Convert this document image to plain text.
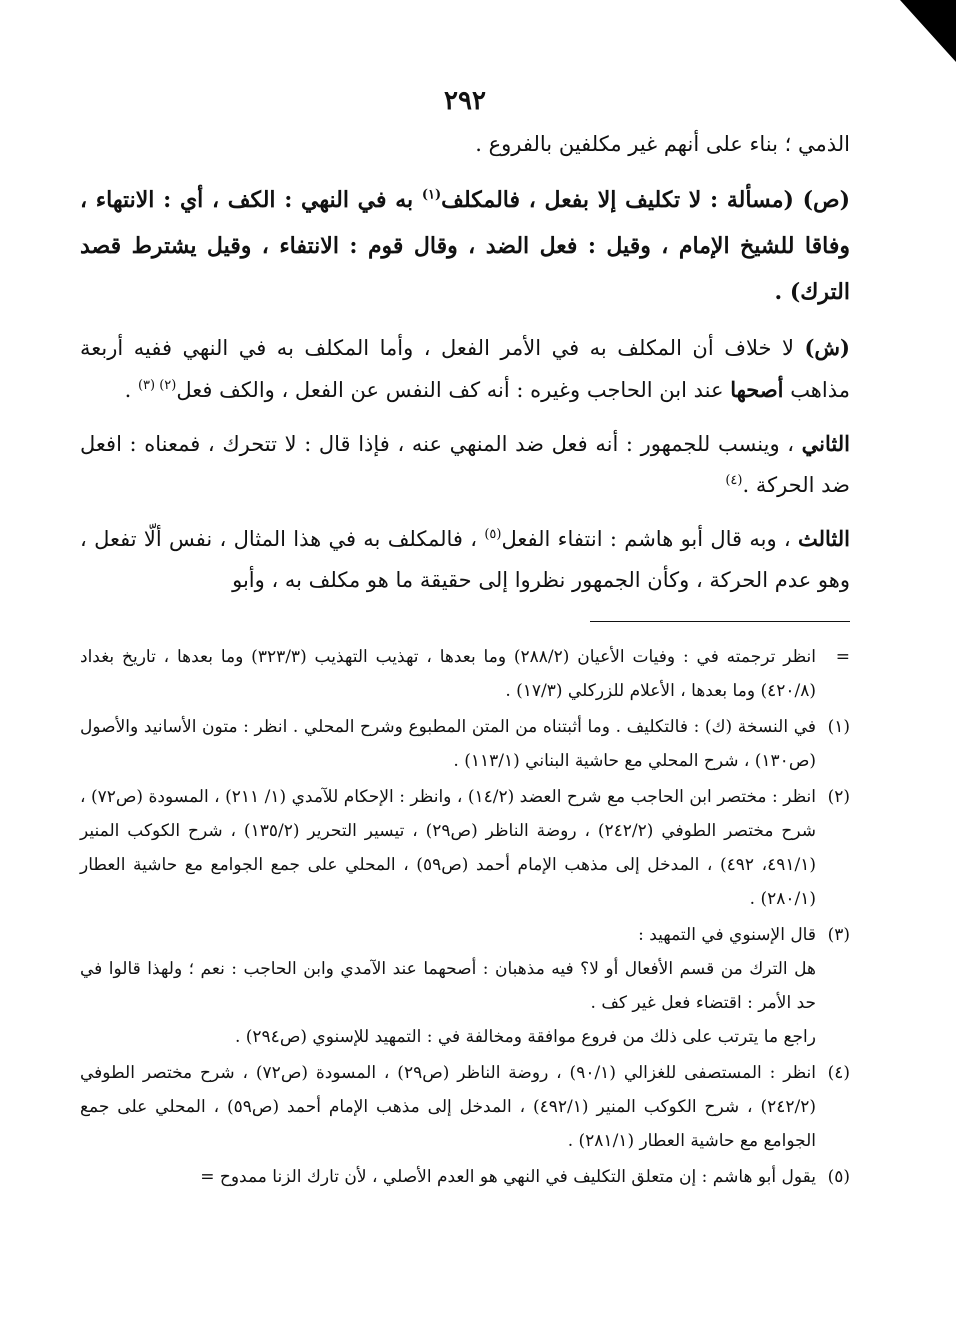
٢٩٢

الذمي ؛ بناء على أنهم غير مكلفين بالفروع .

(ص) (مسألة : لا تكليف إلا بفعل ، فالمكلف$^{(١)}$ به في النهي : الكف ، أي : الانتهاء ، وفاقا للشيخ الإمام ، وقيل : فعل الضد ، وقال قوم : الانتفاء ، وقيل يشترط قصد الترك) .

(ش) لا خلاف أن المكلف به في الأمر الفعل ، وأما المكلف به في النهي ففيه أربعة مذاهب أصحها عند ابن الحاجب وغيره : أنه كف النفس عن الفعل ، والكف فعل$^{(٢) (٣)}$ .

الثاني ، وينسب للجمهور : أنه فعل ضد المنهي عنه ، فإذا قال : لا تتحرك ، فمعناه : افعل ضد الحركة .$^{(٤)}$

الثالث ، وبه قال أبو هاشم : انتفاء الفعل$^{(٥)}$ ، فالمكلف به في هذا المثال ، نفس ألّا تفعل ، وهو عدم الحركة ، وكأن الجمهور نظروا إلى حقيقة ما هو مكلف به ، وأبو

=
انظر ترجمته في : وفيات الأعيان (٢٨٨/٢) وما بعدها ، تهذيب التهذيب (٣٢٣/٣) وما بعدها ، تاريخ بغداد (٤٢٠/٨) وما بعدها ، الأعلام للزركلي (١٧/٣) .
(١)
في النسخة (ك) : فالتكليف . وما أثبتناه من المتن المطبوع وشرح المحلي . انظر : متون الأسانيد والأصول (ص١٣٠) ، شرح المحلي مع حاشية البناني (١١٣/١) .
(٢)
انظر : مختصر ابن الحاجب مع شرح العضد (١٤/٢) ، وانظر : الإحكام للآمدي (١/ ٢١١) ، المسودة (ص٧٢) ، شرح مختصر الطوفي (٢٤٢/٢) ، روضة الناظر (ص٢٩) ، تيسير التحرير (١٣٥/٢) ، شرح الكوكب المنير (٤٩١/١، ٤٩٢) ، المدخل إلى مذهب الإمام أحمد (ص٥٩) ، المحلي على جمع الجوامع مع حاشية العطار (٢٨٠/١) .
(٣)
قال الإسنوي في التمهيد :
هل الترك من قسم الأفعال أو لا؟ فيه مذهبان : أصحهما عند الآمدي وابن الحاجب : نعم ؛ ولهذا قالوا في حد الأمر : اقتضاء فعل غير كف .
راجع ما يترتب على ذلك من فروع موافقة ومخالفة في : التمهيد للإسنوي (ص٢٩٤) .
(٤)
انظر : المستصفى للغزالي (٩٠/١) ، روضة الناظر (ص٢٩) ، المسودة (ص٧٢) ، شرح مختصر الطوفي (٢٤٢/٢) ، شرح الكوكب المنير (٤٩٢/١) ، المدخل إلى مذهب الإمام أحمد (ص٥٩) ، المحلي على جمع الجوامع مع حاشية العطار (٢٨١/١) .
(٥)
يقول أبو هاشم : إن متعلق التكليف في النهي هو العدم الأصلي ، لأن تارك الزنا ممدوح =
